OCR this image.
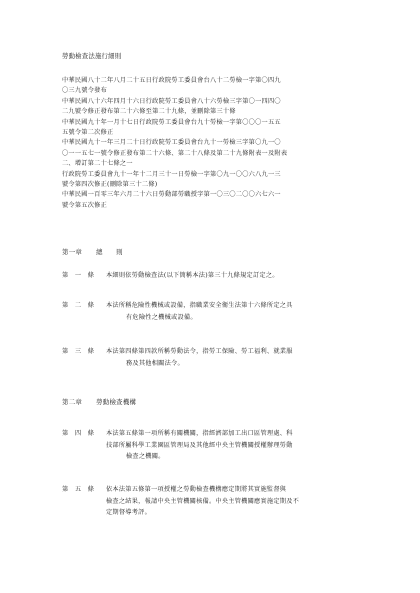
勞動檢查法施行細則
中華民國八十二年八月二十五日行政院勞工委員會台八十二勞檢一字第〇四九
〇三九號令發布
中華民國八十六年四月十六日行政院勞工委員會八十六勞檢三字第〇一四四〇
二九號令修正發布第二十六條至第二十九條，並刪除第三十條
中華民國九十年一月十七日行政院勞工委員會台九十勞檢一字第〇〇〇一五五
五號令第二次修正
中華民國九十一年三月二十日行政院勞工委員會台九十一勞檢三字第〇九一〇
〇一一五七一號令修正發布第二十六條、第二十八條及第二十九條附表一及附表
二、增訂第二十七條之一
行政院勞工委員會九十一年十二月三十一日勞檢一字第〇九一〇〇六八九一三
號令第四次修正(刪除第三十二條)
中華民國一百零三年六月二十六日勞動部勞職授字第一〇三〇二〇〇六七六一
號令第五次修正
第一章 總　　則
第　一　條 本細則依勞動檢查法(以下簡稱本法)第三十九條規定訂定之。
第　二　條 本法所稱危險性機械或設備，指職業安全衛生法第十六條所定之具
有危險性之機械或設備。
第　三　條 本法第四條第四款所稱勞動法令，指勞工保險、勞工福利、就業服
務及其他相關法令。
第二章 勞動檢查機構
第　四　條 本法第五條第一項所稱有關機關，指經濟部加工出口區管理處、科
技部所屬科學工業園區管理局及其他經中央主管機關授權辦理勞動
檢查之機關。
第　五　條 依本法第五條第一項授權之勞動檢查機構應定期將其實施監督與
檢查之結果，報請中央主管機關核備。中央主管機關應實施定期及不
定期督導考評。
